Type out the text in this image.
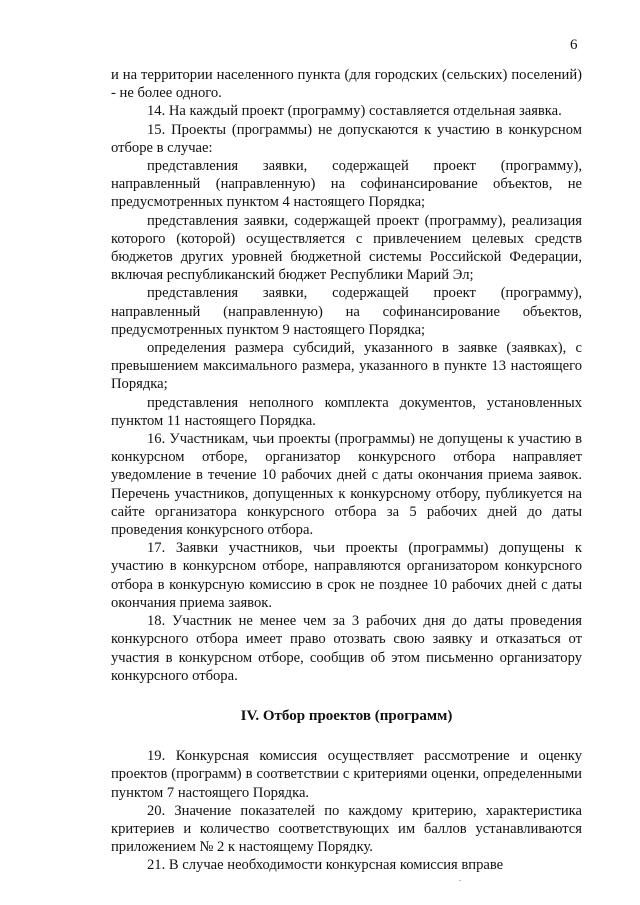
6

и на территории населенного пункта (для городских (сельских) поселений) - не более одного.

14. На каждый проект (программу) составляется отдельная заявка.

15. Проекты (программы) не допускаются к участию в конкурсном отборе в случае:

представления заявки, содержащей проект (программу), направленный (направленную) на софинансирование объектов, не предусмотренных пунктом 4 настоящего Порядка;

представления заявки, содержащей проект (программу), реализация которого (которой) осуществляется с привлечением целевых средств бюджетов других уровней бюджетной системы Российской Федерации, включая республиканский бюджет Республики Марий Эл;

представления заявки, содержащей проект (программу), направленный (направленную) на софинансирование объектов, предусмотренных пунктом 9 настоящего Порядка;

определения размера субсидий, указанного в заявке (заявках), с превышением максимального размера, указанного в пункте 13 настоящего Порядка;

представления неполного комплекта документов, установленных пунктом 11 настоящего Порядка.

16. Участникам, чьи проекты (программы) не допущены к участию в конкурсном отборе, организатор конкурсного отбора направляет уведомление в течение 10 рабочих дней с даты окончания приема заявок. Перечень участников, допущенных к конкурсному отбору, публикуется на сайте организатора конкурсного отбора за 5 рабочих дней до даты проведения конкурсного отбора.

17. Заявки участников, чьи проекты (программы) допущены к участию в конкурсном отборе, направляются организатором конкурсного отбора в конкурсную комиссию в срок не позднее 10 рабочих дней с даты окончания приема заявок.

18. Участник не менее чем за 3 рабочих дня до даты проведения конкурсного отбора имеет право отозвать свою заявку и отказаться от участия в конкурсном отборе, сообщив об этом письменно организатору конкурсного отбора.

IV. Отбор проектов (программ)

19. Конкурсная комиссия осуществляет рассмотрение и оценку проектов (программ) в соответствии с критериями оценки, определенными пунктом 7 настоящего Порядка.

20. Значение показателей по каждому критерию, характеристика критериев и количество соответствующих им баллов устанавливаются приложением № 2 к настоящему Порядку.

21. В случае необходимости конкурсная комиссия вправе
